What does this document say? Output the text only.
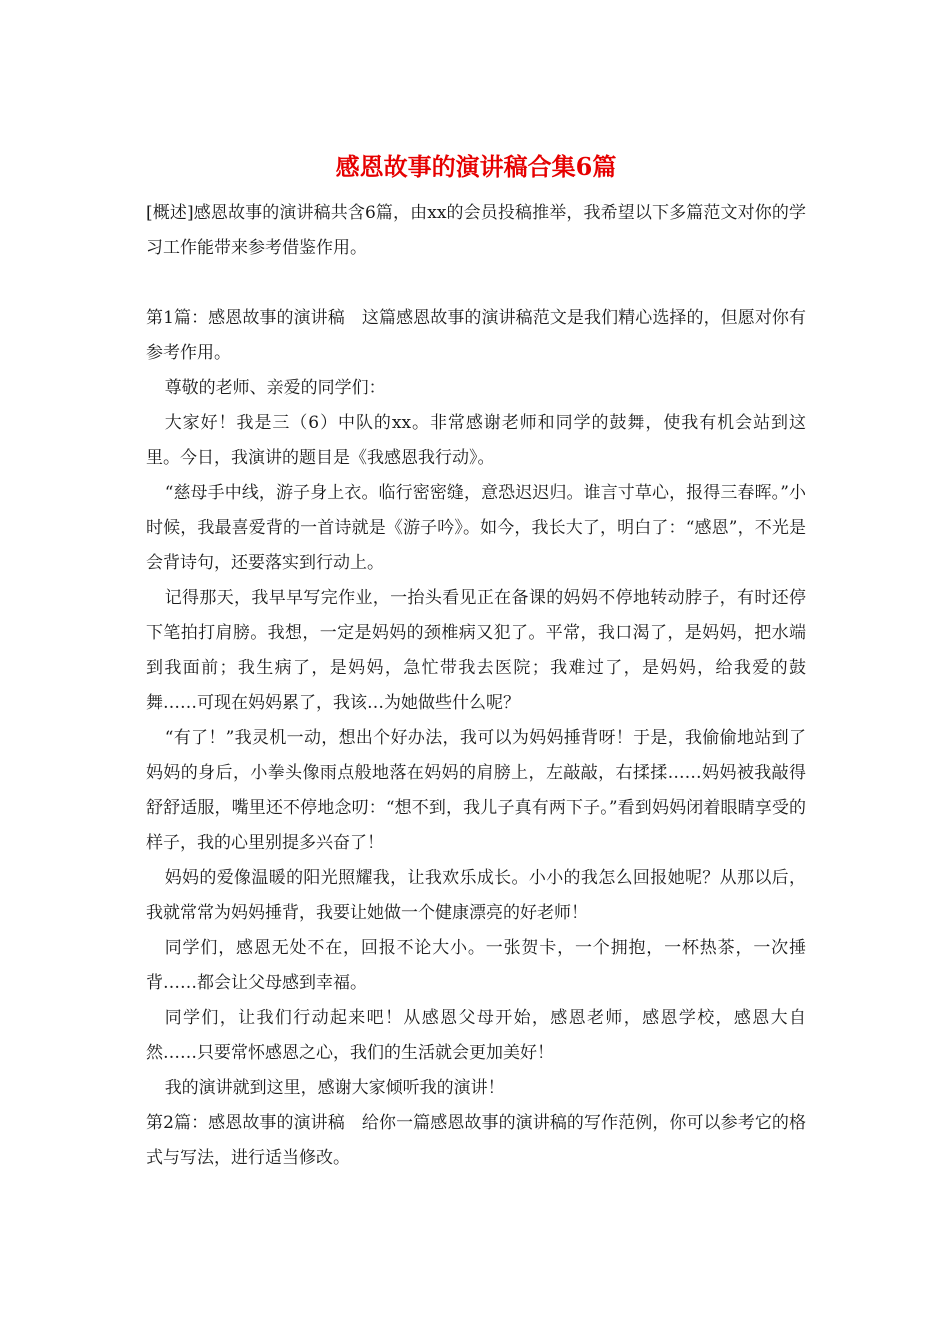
感恩故事的演讲稿合集6篇

[概述]感恩故事的演讲稿共含6篇，由xx的会员投稿推举，我希望以下多篇范文对你的学习工作能带来参考借鉴作用。

第1篇：感恩故事的演讲稿　这篇感恩故事的演讲稿范文是我们精心选择的，但愿对你有参考作用。

尊敬的老师、亲爱的同学们：

大家好！我是三（6）中队的xx。非常感谢老师和同学的鼓舞，使我有机会站到这里。今日，我演讲的题目是《我感恩我行动》。

“慈母手中线，游子身上衣。临行密密缝，意恐迟迟归。谁言寸草心，报得三春晖。”小时候，我最喜爱背的一首诗就是《游子吟》。如今，我长大了，明白了：“感恩”，不光是会背诗句，还要落实到行动上。

记得那天，我早早写完作业，一抬头看见正在备课的妈妈不停地转动脖子，有时还停下笔拍打肩膀。我想，一定是妈妈的颈椎病又犯了。平常，我口渴了，是妈妈，把水端到我面前；我生病了，是妈妈，急忙带我去医院；我难过了，是妈妈，给我爱的鼓舞……可现在妈妈累了，我该…为她做些什么呢？

“有了！”我灵机一动，想出个好办法，我可以为妈妈捶背呀！于是，我偷偷地站到了妈妈的身后，小拳头像雨点般地落在妈妈的肩膀上，左敲敲，右揉揉……妈妈被我敲得舒舒适服，嘴里还不停地念叨：“想不到，我儿子真有两下子。”看到妈妈闭着眼睛享受的样子，我的心里别提多兴奋了！

妈妈的爱像温暖的阳光照耀我，让我欢乐成长。小小的我怎么回报她呢？从那以后，我就常常为妈妈捶背，我要让她做一个健康漂亮的好老师！

同学们，感恩无处不在，回报不论大小。一张贺卡，一个拥抱，一杯热茶，一次捶背……都会让父母感到幸福。

同学们，让我们行动起来吧！从感恩父母开始，感恩老师，感恩学校，感恩大自然……只要常怀感恩之心，我们的生活就会更加美好！

我的演讲就到这里，感谢大家倾听我的演讲！

第2篇：感恩故事的演讲稿　给你一篇感恩故事的演讲稿的写作范例，你可以参考它的格式与写法，进行适当修改。
